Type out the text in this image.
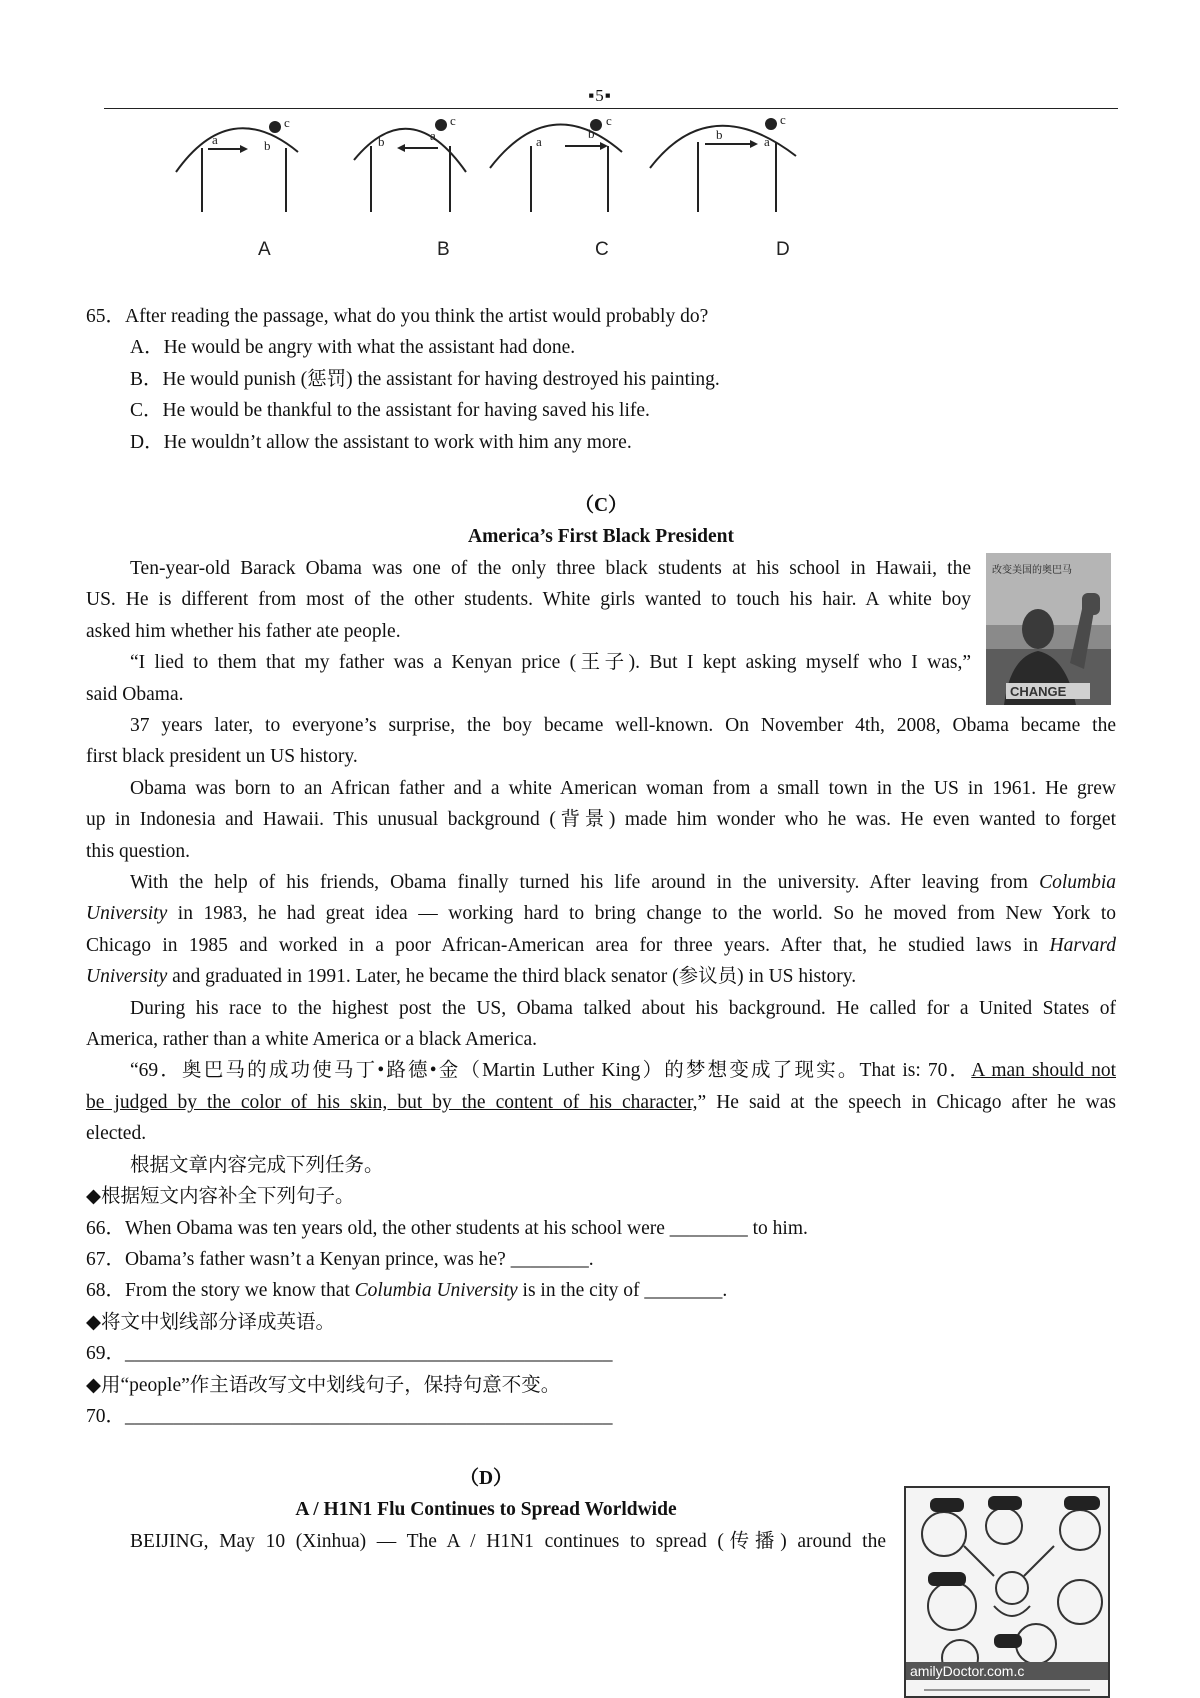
▪5▪
a	b
c
b	a
c
a
b
c
b	a
c
A	B	C	D
65．After reading the passage, what do you think the artist would probably do?
A．He would be angry with what the assistant had done.
B．He would punish (惩罚) the assistant for having destroyed his painting.
C．He would be thankful to the assistant for having saved his life.
D．He wouldn’t allow the assistant to work with him any more.
（C）
America’s First Black President
Ten-year-old Barack Obama was one of the only three black students at his school in Hawaii, the
US. He is different from most of the other students. White girls wanted to touch his hair. A white boy
asked him whether his father ate people.
“I lied to them that my father was a Kenyan price (王子). But I kept asking myself who I was,”
said Obama.
改变美国的奥巴马
CHANGE
37 years later, to everyone’s surprise, the boy became well-known. On November 4th, 2008, Obama became the
first black president un US history.
Obama was born to an African father and a white American woman from a small town in the US in 1961. He grew
up in Indonesia and Hawaii. This unusual background (背景) made him wonder who he was. He even wanted to forget
this question.
With the help of his friends, Obama finally turned his life around in the university. After leaving from Columbia
University in 1983, he had great idea — working hard to bring change to the world. So he moved from New York to
Chicago in 1985 and worked in a poor African-American area for three years. After that, he studied laws in Harvard
University and graduated in 1991. Later, he became the third black senator (参议员) in US history.
During his race to the highest post the US, Obama talked about his background. He called for a United States of
America, rather than a white America or a black America.
“69．奥巴马的成功使马丁•路德•金（Martin Luther King）的梦想变成了现实。That is: 70．A man should not
be judged by the color of his skin, but by the content of his character,” He said at the speech in Chicago after he was
elected.
根据文章内容完成下列任务。
◆根据短文内容补全下列句子。
66．When Obama was ten years old, the other students at his school were ________ to him.
67．Obama’s father wasn’t a Kenyan prince, was he? ________.
68．From the story we know that Columbia University is in the city of ________.
◆将文中划线部分译成英语。
69．__________________________________________________
◆用“people”作主语改写文中划线句子，保持句意不变。
70．__________________________________________________
（D）
A / H1N1 Flu Continues to Spread Worldwide
BEIJING, May 10 (Xinhua) — The A / H1N1 continues to spread (传播) around the
amilyDoctor.com.c
